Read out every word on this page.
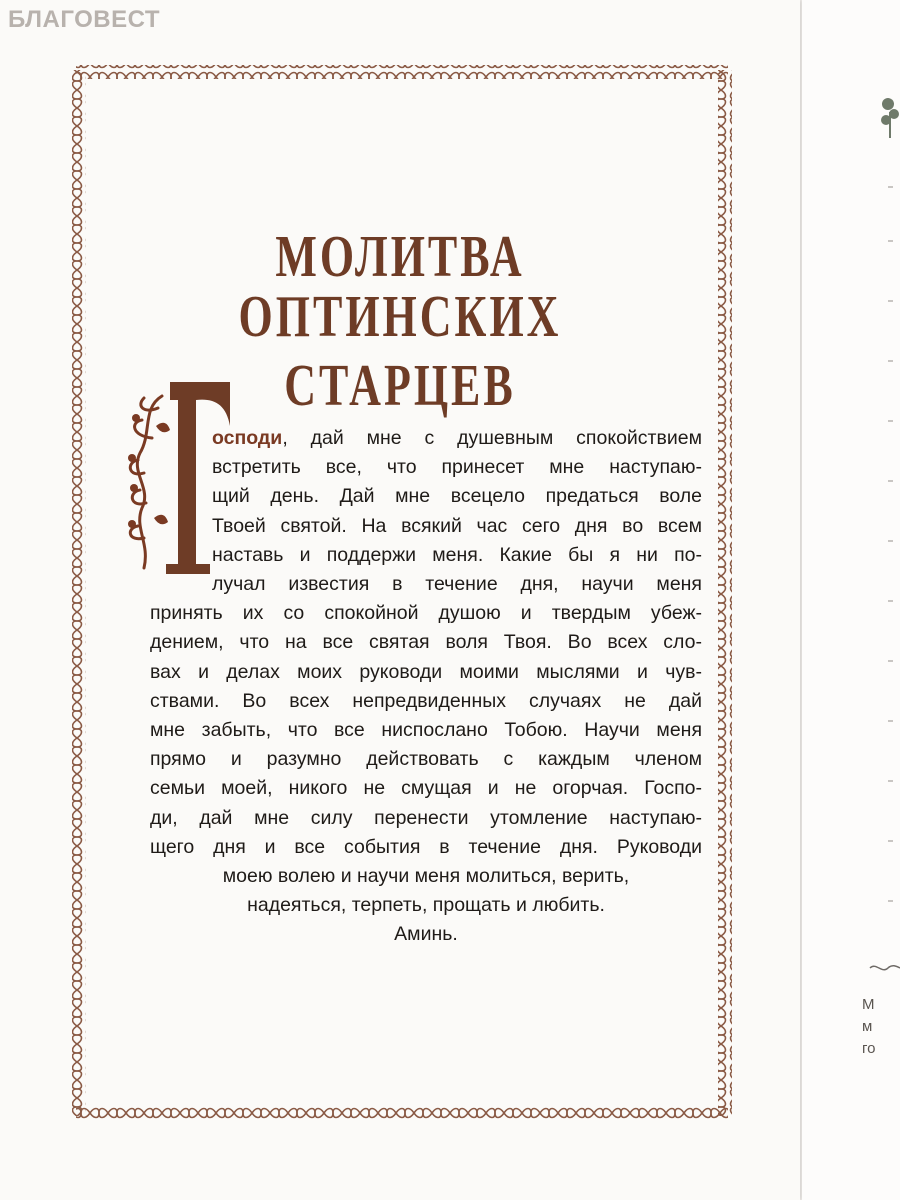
БЛАГОВЕСТ
МОЛИТВА
ОПТИНСКИХ СТАРЦЕВ
Г
осподи, дай мне с душевным спокойствием
встретить все, что принесет мне наступаю-
щий день. Дай мне всецело предаться воле
Твоей святой. На всякий час сего дня во всем
наставь и поддержи меня. Какие бы я ни по-
лучал известия в течение дня, научи меня
принять их со спокойной душою и твердым убеж-
дением, что на все святая воля Твоя. Во всех сло-
вах и делах моих руководи моими мыслями и чув-
ствами. Во всех непредвиденных случаях не дай
мне забыть, что все ниспослано Тобою. Научи меня
прямо и разумно действовать с каждым членом
семьи моей, никого не смущая и не огорчая. Госпо-
ди, дай мне силу перенести утомление наступаю-
щего дня и все события в течение дня. Руководи
моею волею и научи меня молиться, верить,
надеяться, терпеть, прощать и любить.
Аминь.
М
м
го
